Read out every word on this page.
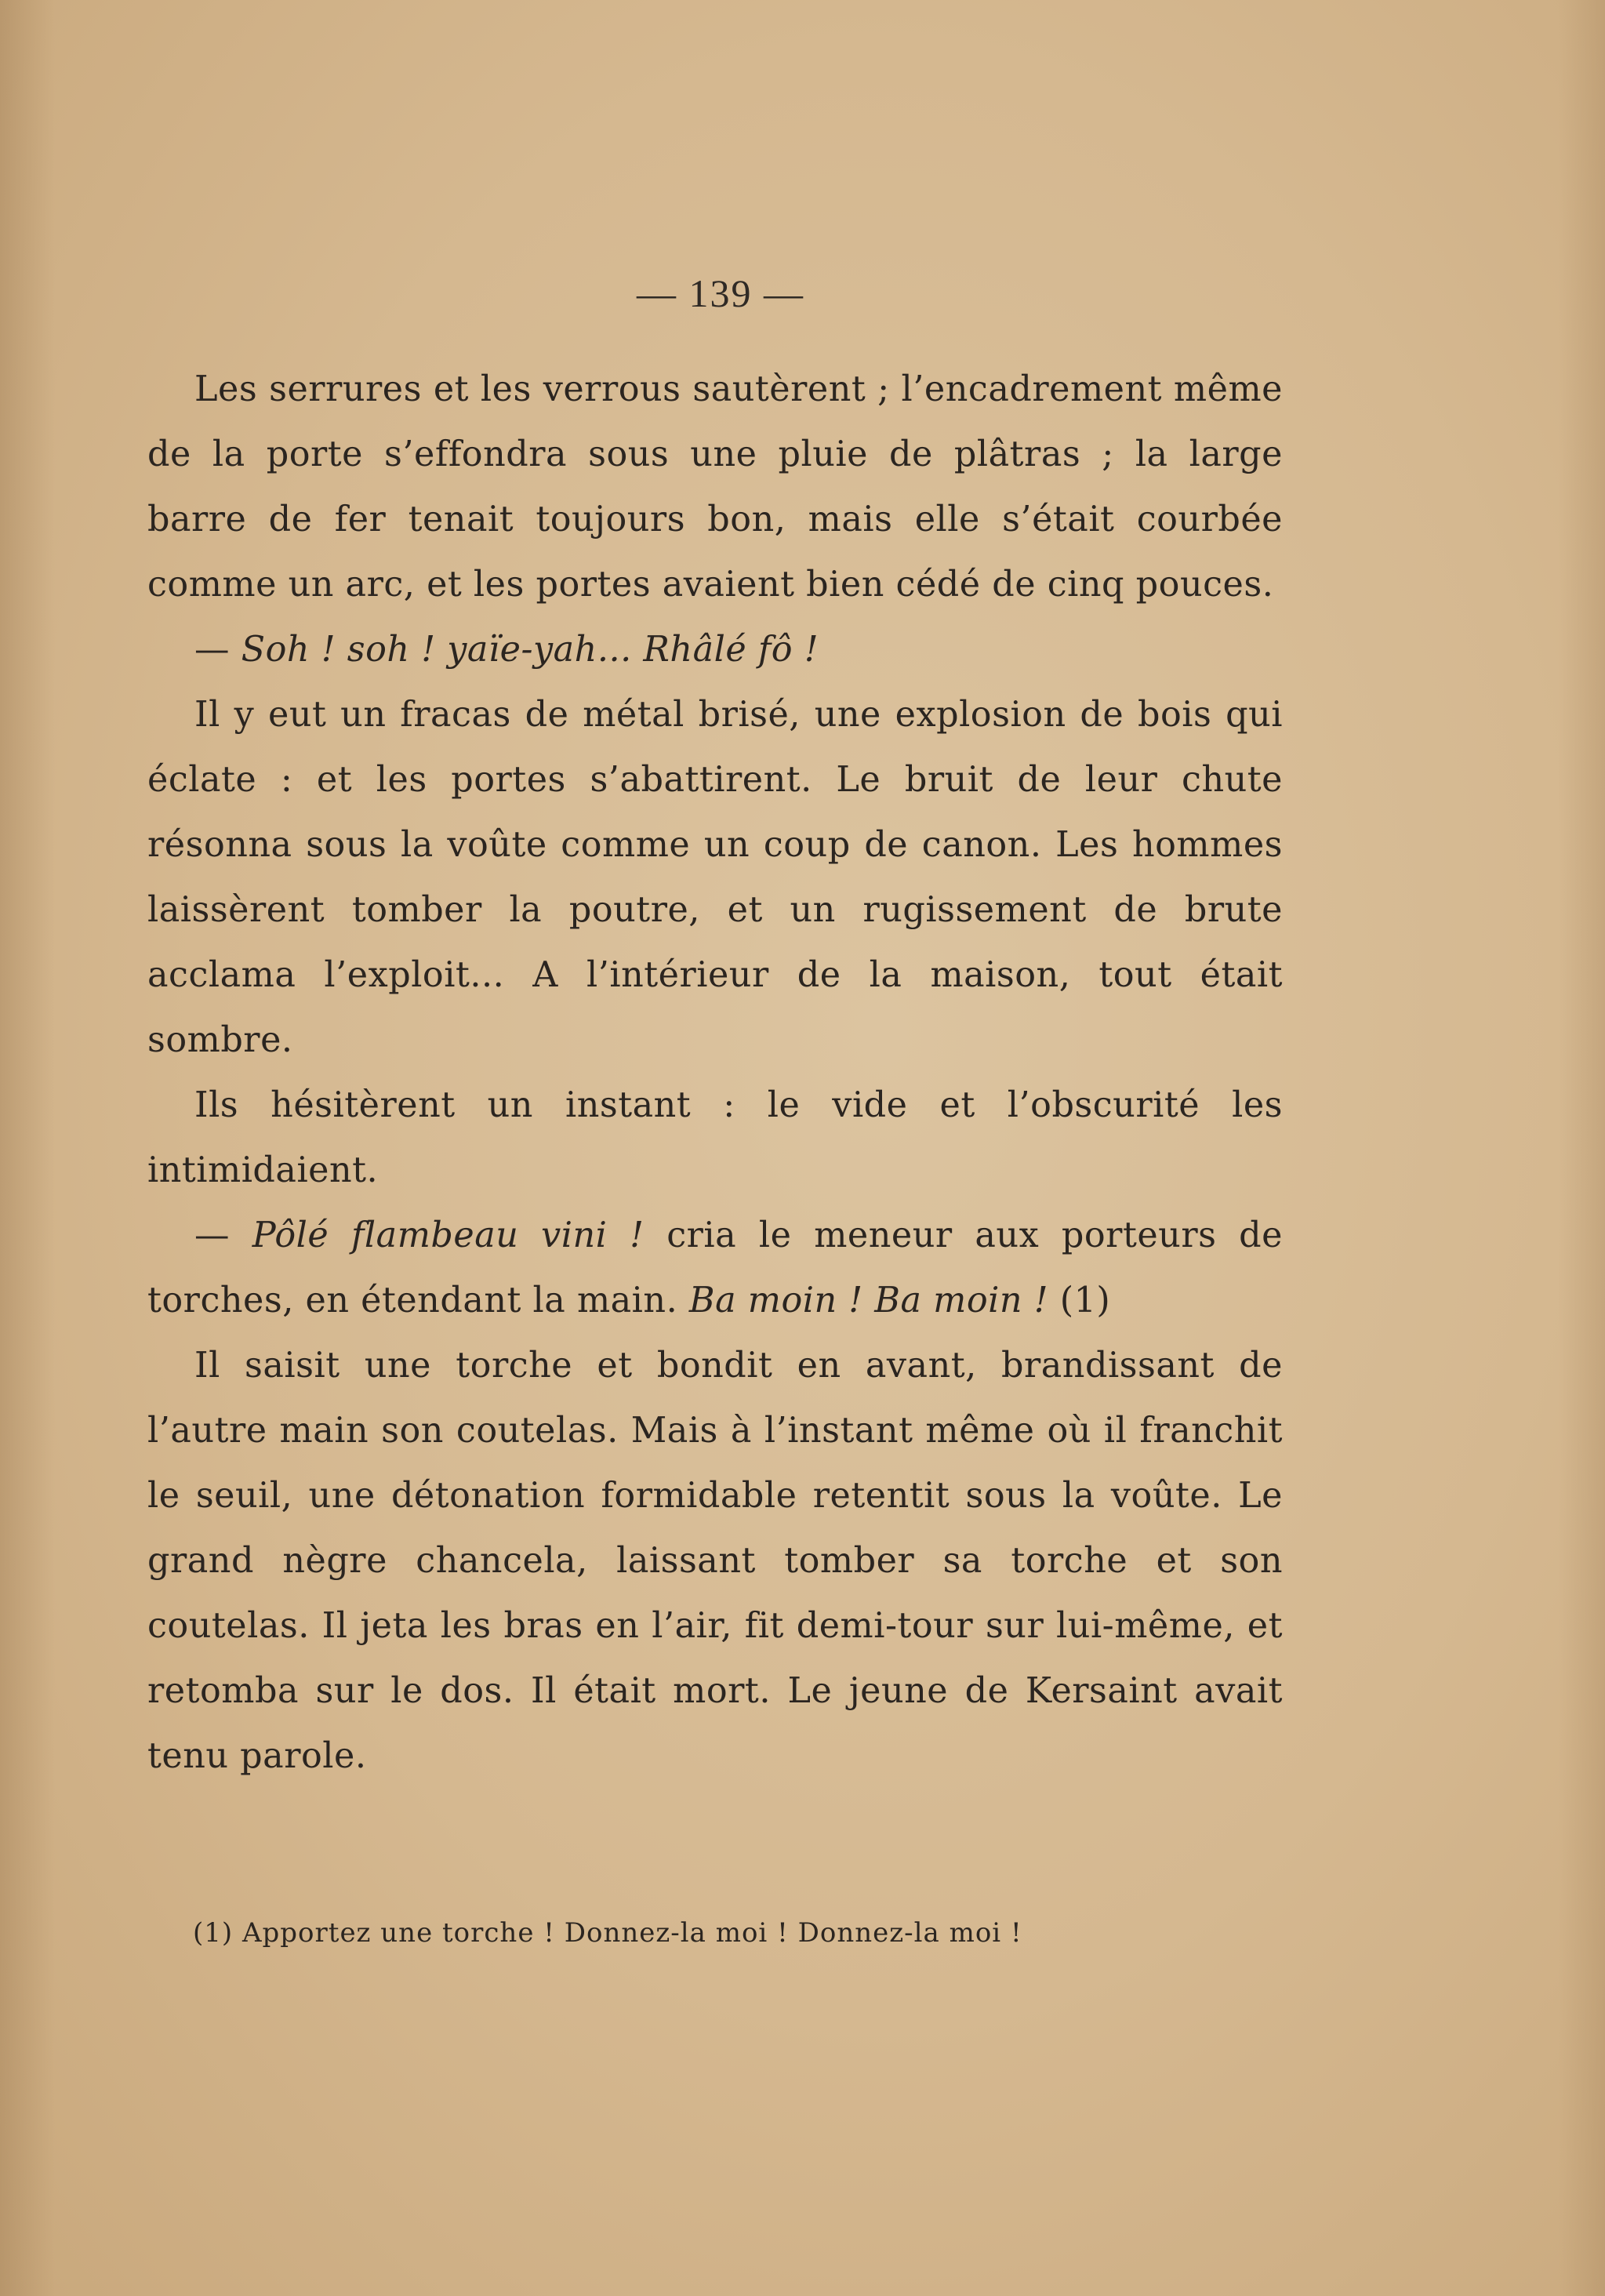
— 139 —

Les serrures et les verrous sautèrent ; l’encadrement même de la porte s’effondra sous une pluie de plâtras ; la large barre de fer tenait toujours bon, mais elle s’était courbée comme un arc, et les portes avaient bien cédé de cinq pouces.

— Soh ! soh ! yaïe-yah... Rhâlé fô !

Il y eut un fracas de métal brisé, une explosion de bois qui éclate : et les portes s’abattirent. Le bruit de leur chute résonna sous la voûte comme un coup de canon. Les hommes laissèrent tomber la poutre, et un rugissement de brute acclama l’exploit... A l’intérieur de la maison, tout était sombre.

Ils hésitèrent un instant : le vide et l’obscurité les intimidaient.

— Pôlé flambeau vini ! cria le meneur aux porteurs de torches, en étendant la main. Ba moin ! Ba moin ! (1)

Il saisit une torche et bondit en avant, brandissant de l’autre main son coutelas. Mais à l’instant même où il franchit le seuil, une détonation formidable retentit sous la voûte. Le grand nègre chancela, laissant tomber sa torche et son coutelas. Il jeta les bras en l’air, fit demi-tour sur lui-même, et retomba sur le dos. Il était mort. Le jeune de Kersaint avait tenu parole.

(1) Apportez une torche ! Donnez-la moi ! Donnez-la moi !
